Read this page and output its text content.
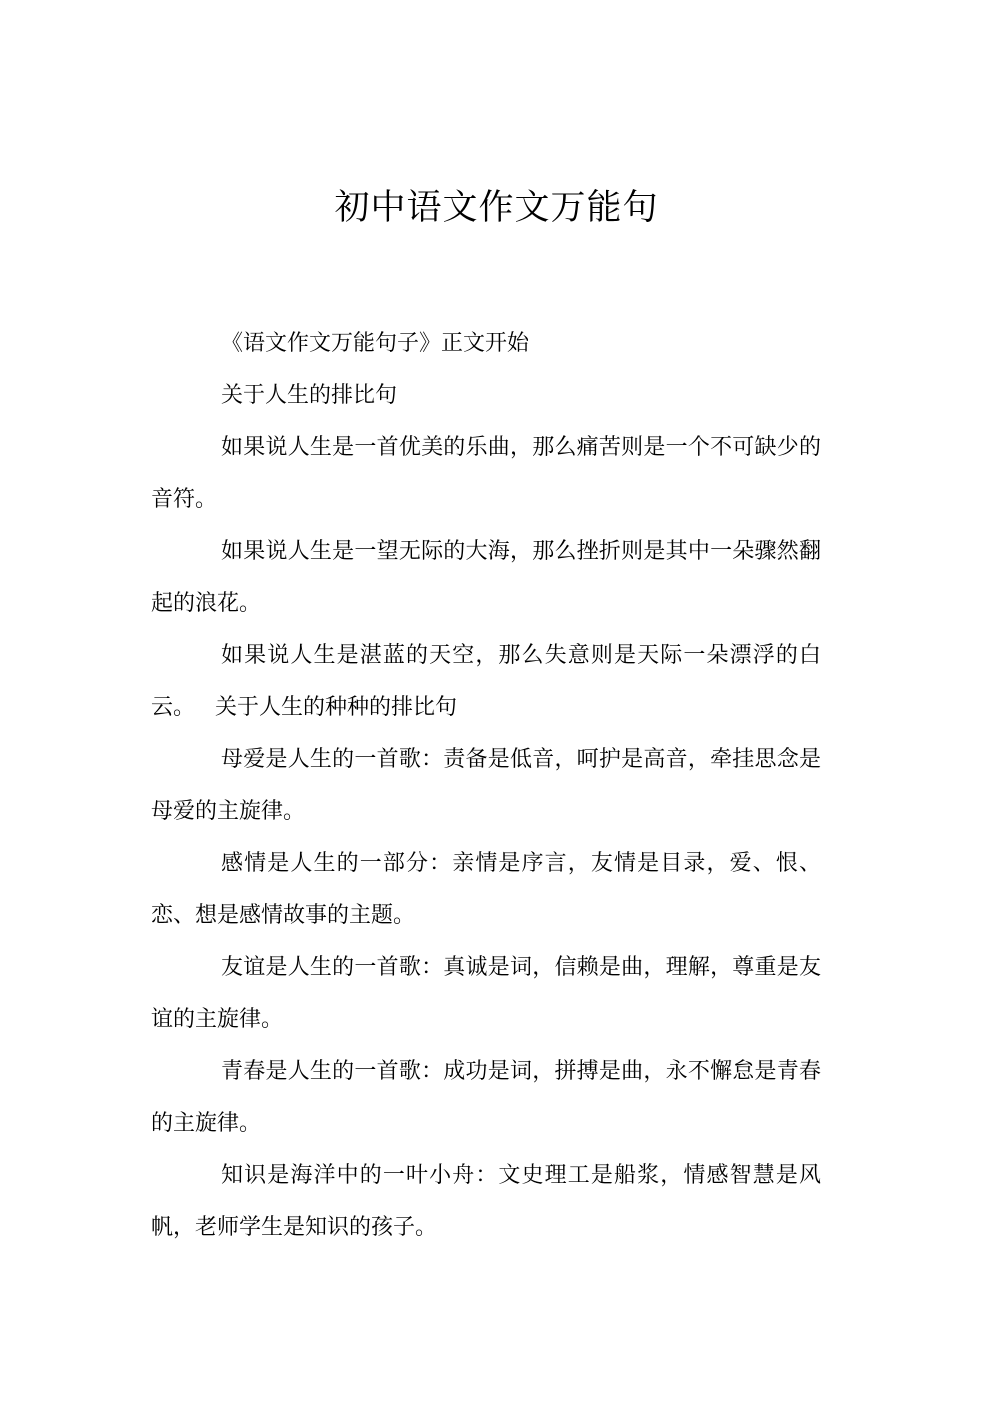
初中语文作文万能句

《语文作文万能句子》正文开始

关于人生的排比句

如果说人生是一首优美的乐曲，那么痛苦则是一个不可缺少的音符。

如果说人生是一望无际的大海，那么挫折则是其中一朵骤然翻起的浪花。

如果说人生是湛蓝的天空，那么失意则是天际一朵漂浮的白云。 关于人生的种种的排比句

母爱是人生的一首歌：责备是低音，呵护是高音，牵挂思念是母爱的主旋律。

感情是人生的一部分：亲情是序言，友情是目录，爱、恨、恋、想是感情故事的主题。

友谊是人生的一首歌：真诚是词，信赖是曲，理解，尊重是友谊的主旋律。

青春是人生的一首歌：成功是词，拼搏是曲，永不懈怠是青春的主旋律。

知识是海洋中的一叶小舟：文史理工是船浆，情感智慧是风帆，老师学生是知识的孩子。
